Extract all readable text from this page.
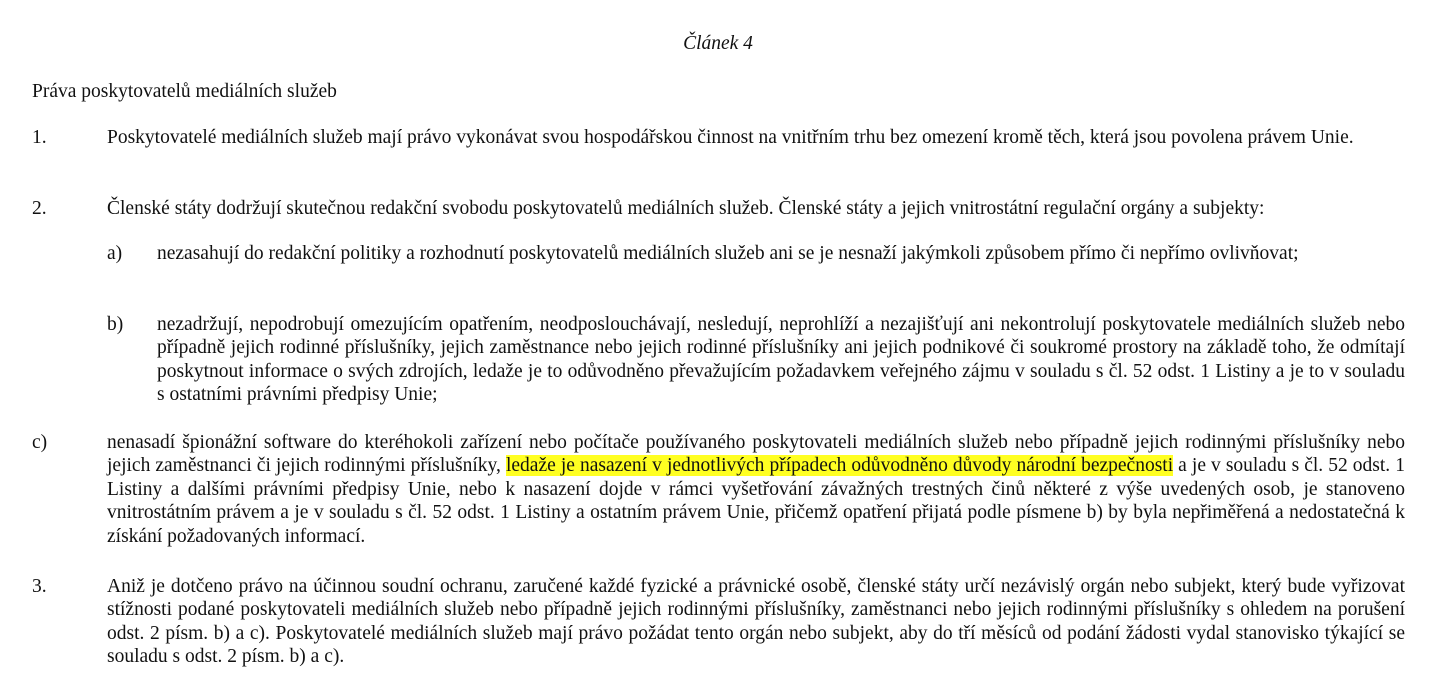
Článek 4
Práva poskytovatelů mediálních služeb
1.	Poskytovatelé mediálních služeb mají právo vykonávat svou hospodářskou činnost na vnitřním trhu bez omezení kromě těch, která jsou povolena právem Unie.
2.	Členské státy dodržují skutečnou redakční svobodu poskytovatelů mediálních služeb. Členské státy a jejich vnitrostátní regulační orgány a subjekty:
a) nezasahují do redakční politiky a rozhodnutí poskytovatelů mediálních služeb ani se je nesnaží jakýmkoli způsobem přímo či nepřímo ovlivňovat;
b) nezadržují, nepodrobují omezujícím opatřením, neodposlouchávají, nesledují, neprohlíží a nezajišťují ani nekontrolují poskytovatele mediálních služeb nebo případně jejich rodinné příslušníky, jejich zaměstnance nebo jejich rodinné příslušníky ani jejich podnikové či soukromé prostory na základě toho, že odmítají poskytnout informace o svých zdrojích, ledaže je to odůvodněno převažujícím požadavkem veřejného zájmu v souladu s čl. 52 odst. 1 Listiny a je to v souladu s ostatními právními předpisy Unie;
c)	nenasadí špionážní software do kteréhokoli zařízení nebo počítače používaného poskytovateli mediálních služeb nebo případně jejich rodinnými příslušníky nebo jejich zaměstnanci či jejich rodinnými příslušníky, ledaže je nasazení v jednotlivých případech odůvodněno důvody národní bezpečnosti a je v souladu s čl. 52 odst. 1 Listiny a dalšími právními předpisy Unie, nebo k nasazení dojde v rámci vyšetřování závažných trestných činů některé z výše uvedených osob, je stanoveno vnitrostátním právem a je v souladu s čl. 52 odst. 1 Listiny a ostatním právem Unie, přičemž opatření přijatá podle písmene b) by byla nepřiměřená a nedostatečná k získání požadovaných informací.
3.	Aniž je dotčeno právo na účinnou soudní ochranu, zaručené každé fyzické a právnické osobě, členské státy určí nezávislý orgán nebo subjekt, který bude vyřizovat stížnosti podané poskytovateli mediálních služeb nebo případně jejich rodinnými příslušníky, zaměstnanci nebo jejich rodinnými příslušníky s ohledem na porušení odst. 2 písm. b) a c). Poskytovatelé mediálních služeb mají právo požádat tento orgán nebo subjekt, aby do tří měsíců od podání žádosti vydal stanovisko týkající se souladu s odst. 2 písm. b) a c).
